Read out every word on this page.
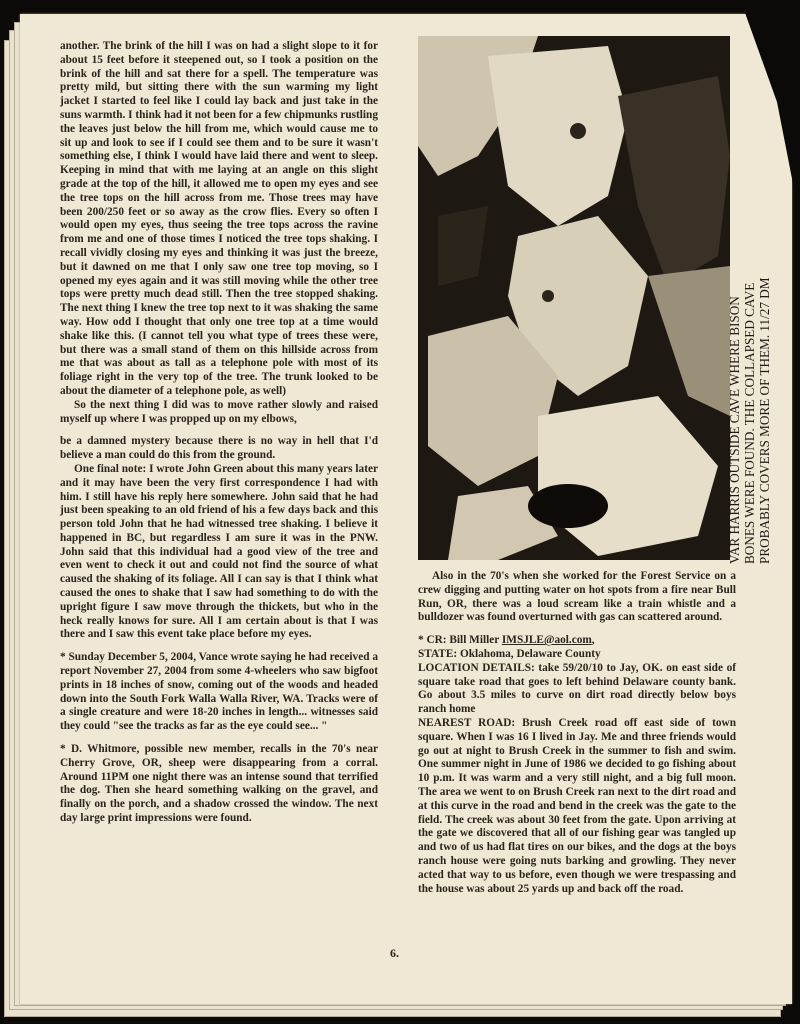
another. The brink of the hill I was on had a slight slope to it for about 15 feet before it steepened out, so I took a position on the brink of the hill and sat there for a spell. The temperature was pretty mild, but sitting there with the sun warming my light jacket I started to feel like I could lay back and just take in the suns warmth. I think had it not been for a few chipmunks rustling the leaves just below the hill from me, which would cause me to sit up and look to see if I could see them and to be sure it wasn't something else, I think I would have laid there and went to sleep. Keeping in mind that with me laying at an angle on this slight grade at the top of the hill, it allowed me to open my eyes and see the tree tops on the hill across from me. Those trees may have been 200/250 feet or so away as the crow flies. Every so often I would open my eyes, thus seeing the tree tops across the ravine from me and one of those times I noticed the tree tops shaking. I recall vividly closing my eyes and thinking it was just the breeze, but it dawned on me that I only saw one tree top moving, so I opened my eyes again and it was still moving while the other tree tops were pretty much dead still. Then the tree stopped shaking. The next thing I knew the tree top next to it was shaking the same way. How odd I thought that only one tree top at a time would shake like this. (I cannot tell you what type of trees these were, but there was a small stand of them on this hillside across from me that was about as tall as a telephone pole with most of its foliage right in the very top of the tree. The trunk looked to be about the diameter of a telephone pole, as well)

So the next thing I did was to move rather slowly and raised myself up where I was propped up on my elbows,

be a damned mystery because there is no way in hell that I'd believe a man could do this from the ground.

One final note: I wrote John Green about this many years later and it may have been the very first correspondence I had with him. I still have his reply here somewhere. John said that he had just been speaking to an old friend of his a few days back and this person told John that he had witnessed tree shaking. I believe it happened in BC, but regardless I am sure it was in the PNW. John said that this individual had a good view of the tree and even went to check it out and could not find the source of what caused the shaking of its foliage. All I can say is that I think what caused the ones to shake that I saw had something to do with the upright figure I saw move through the thickets, but who in the heck really knows for sure. All I am certain about is that I was there and I saw this event take place before my eyes.

* Sunday December 5, 2004, Vance wrote saying he had received a report November 27, 2004 from some 4-wheelers who saw bigfoot prints in 18 inches of snow, coming out of the woods and headed down into the South Fork Walla Walla River, WA. Tracks were of a single creature and were 18-20 inches in length... witnesses said they could "see the tracks as far as the eye could see... "

* D. Whitmore, possible new member, recalls in the 70's near Cherry Grove, OR, sheep were disappearing from a corral. Around 11PM one night there was an intense sound that terrified the dog. Then she heard something walking on the gravel, and finally on the porch, and a shadow crossed the window. The next day large print impressions were found.

VAR HARRIS OUTSIDE CAVE WHERE BISON BONES WERE FOUND. THE COLLAPSED CAVE PROBABLY COVERS MORE OF THEM. 11/27 DM

Also in the 70's when she worked for the Forest Service on a crew digging and putting water on hot spots from a fire near Bull Run, OR, there was a loud scream like a train whistle and a bulldozer was found overturned with gas can scattered around.

* CR: Bill Miller IMSJLE@aol.com,

STATE: Oklahoma, Delaware County

LOCATION DETAILS: take 59/20/10 to Jay, OK. on east side of square take road that goes to left behind Delaware county bank. Go about 3.5 miles to curve on dirt road directly below boys ranch home

NEAREST ROAD: Brush Creek road off east side of town square. When I was 16 I lived in Jay. Me and three friends would go out at night to Brush Creek in the summer to fish and swim. One summer night in June of 1986 we decided to go fishing about 10 p.m. It was warm and a very still night, and a big full moon. The area we went to on Brush Creek ran next to the dirt road and at this curve in the road and bend in the creek was the gate to the field. The creek was about 30 feet from the gate. Upon arriving at the gate we discovered that all of our fishing gear was tangled up and two of us had flat tires on our bikes, and the dogs at the boys ranch house were going nuts barking and growling. They never acted that way to us before, even though we were trespassing and the house was about 25 yards up and back off the road.

6.
